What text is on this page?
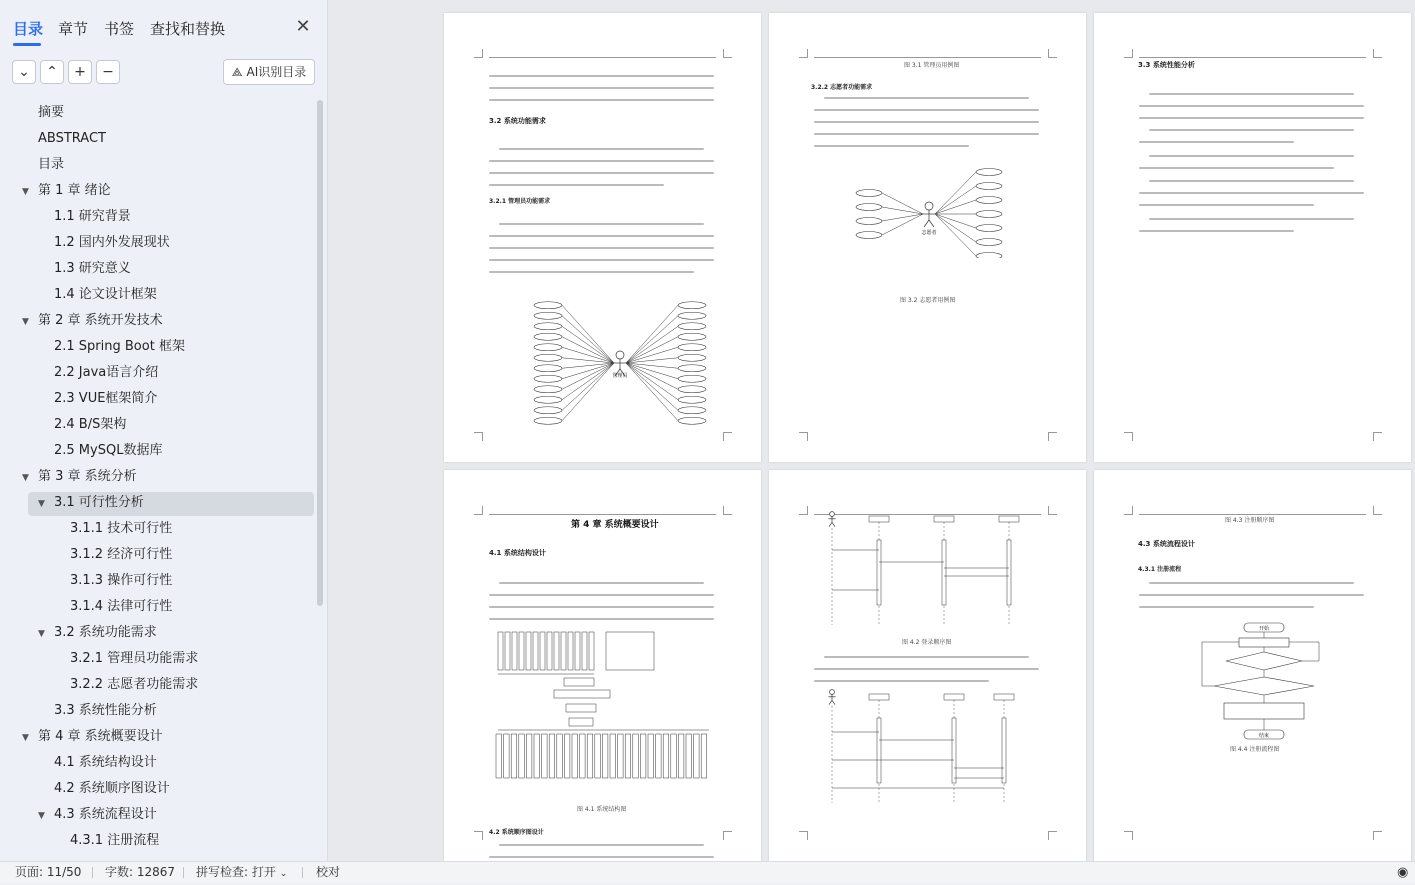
目录 章节 书签 查找和替换	✕
⌄	⌃	+	−	⟁ AI识别目录
摘要
ABSTRACT
目录
▼ 第 1 章 绪论
1.1 研究背景
1.2 国内外发展现状
1.3 研究意义
1.4 论文设计框架
▼ 第 2 章 系统开发技术
2.1 Spring Boot 框架
2.2 Java语言介绍
2.3 VUE框架简介
2.4 B/S架构
2.5 MySQL数据库
▼ 第 3 章 系统分析
▼ 3.1 可行性分析
3.1.1 技术可行性
3.1.2 经济可行性
3.1.3 操作可行性
3.1.4 法律可行性
▼ 3.2 系统功能需求
3.2.1 管理员功能需求
3.2.2 志愿者功能需求
3.3 系统性能分析
▼ 第 4 章 系统概要设计
4.1 系统结构设计
4.2 系统顺序图设计
▼ 4.3 系统流程设计
4.3.1 注册流程
3.2 系统功能需求
3.2.1 管理员功能需求
管理员
图 3.1 管理员用例图
3.2.2 志愿者功能需求
志愿者
图 3.2 志愿者用例图
3.3 系统性能分析
第 4 章 系统概要设计
4.1 系统结构设计
图 4.1 系统结构图
4.2 系统顺序图设计
图 4.2 登录顺序图
图 4.3 注册顺序图
4.3 系统流程设计
4.3.1 注册流程
开始
结束
图 4.4 注册流程图
页面: 11/50 字数: 12867 拼写检查: 打开 ⌄ 校对	◉
